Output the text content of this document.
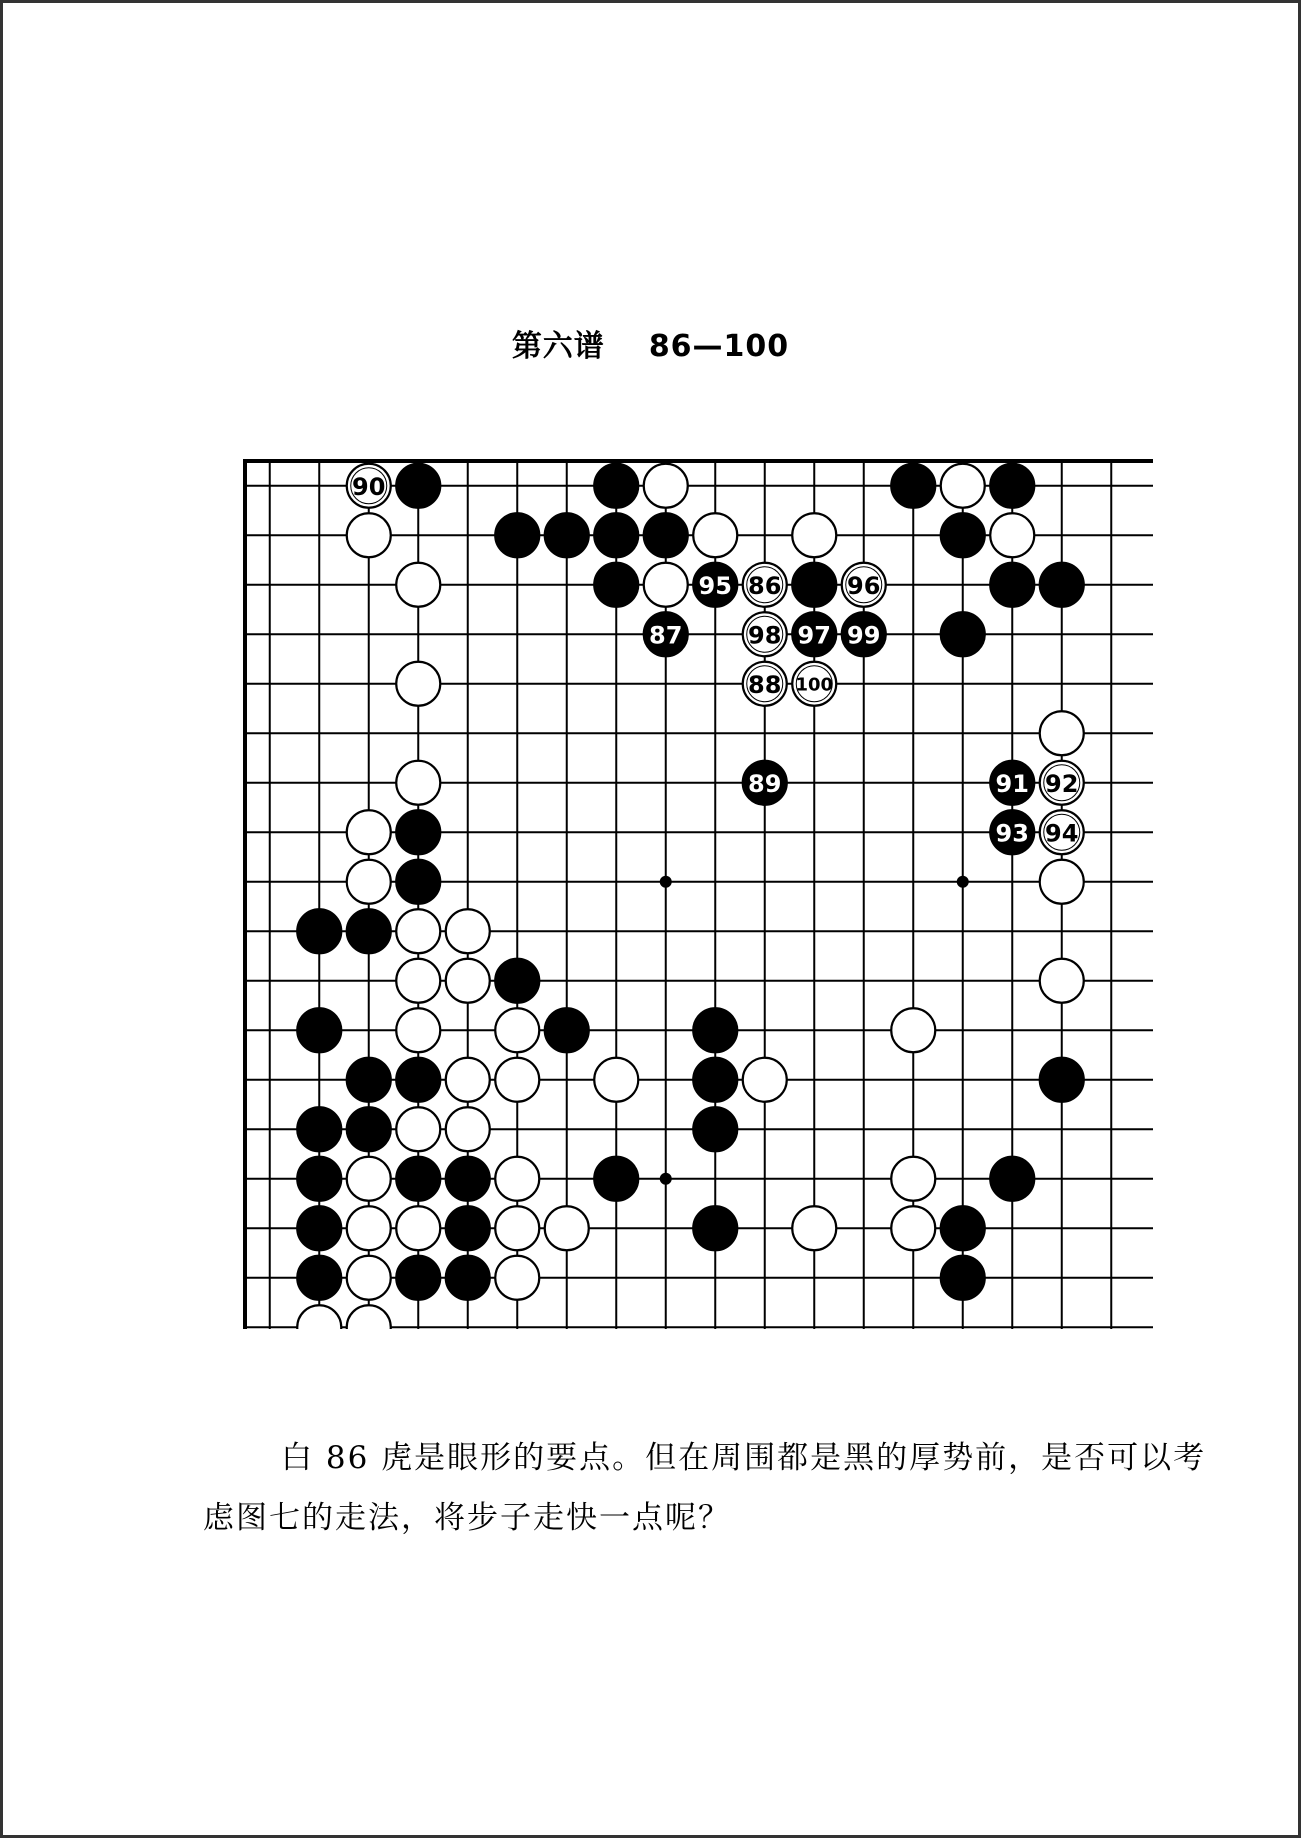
第六谱 86—100
90
95 86	96
87	98 97 99
88 100
89	91 92
93 94
白 86 虎是眼形的要点。但在周围都是黑的厚势前，是否可以考虑图七的走法，将步子走快一点呢？
